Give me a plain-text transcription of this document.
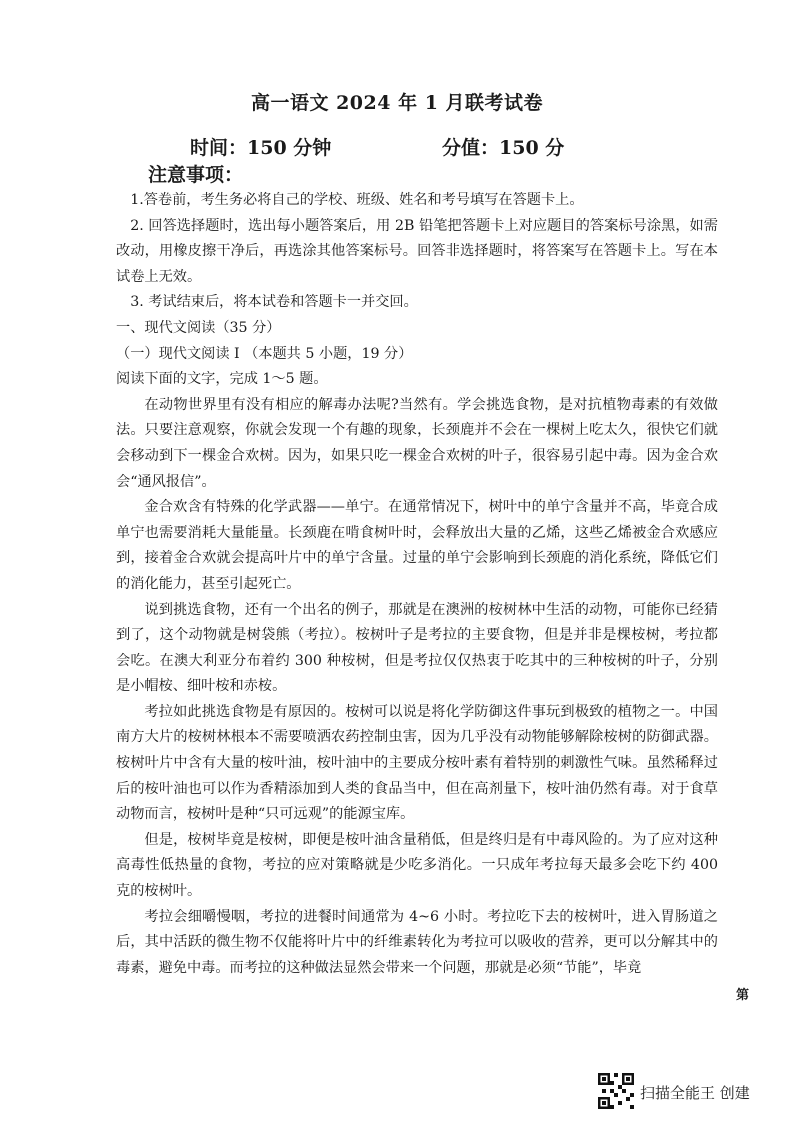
高一语文 2024 年 1 月联考试卷
时间：150 分钟	分值：150 分
注意事项：

1.答卷前，考生务必将自己的学校、班级、姓名和考号填写在答题卡上。

2. 回答选择题时，选出每小题答案后，用 2B 铅笔把答题卡上对应题目的答案标号涂黑，如需改动，用橡皮擦干净后，再选涂其他答案标号。回答非选择题时，将答案写在答题卡上。写在本试卷上无效。

3. 考试结束后，将本试卷和答题卡一并交回。

一、现代文阅读（35 分）

（一）现代文阅读 I （本题共 5 小题，19 分）

阅读下面的文字，完成 1～5 题。

在动物世界里有没有相应的解毒办法呢?当然有。学会挑选食物，是对抗植物毒素的有效做法。只要注意观察，你就会发现一个有趣的现象，长颈鹿并不会在一棵树上吃太久，很快它们就会移动到下一棵金合欢树。因为，如果只吃一棵金合欢树的叶子，很容易引起中毒。因为金合欢会“通风报信”。

金合欢含有特殊的化学武器——单宁。在通常情况下，树叶中的单宁含量并不高，毕竟合成单宁也需要消耗大量能量。长颈鹿在啃食树叶时，会释放出大量的乙烯，这些乙烯被金合欢感应到，接着金合欢就会提高叶片中的单宁含量。过量的单宁会影响到长颈鹿的消化系统，降低它们的消化能力，甚至引起死亡。

说到挑选食物，还有一个出名的例子，那就是在澳洲的桉树林中生活的动物，可能你已经猜到了，这个动物就是树袋熊（考拉）。桉树叶子是考拉的主要食物，但是并非是棵桉树，考拉都会吃。在澳大利亚分布着约 300 种桉树，但是考拉仅仅热衷于吃其中的三种桉树的叶子，分别是小帽桉、细叶桉和赤桉。

考拉如此挑选食物是有原因的。桉树可以说是将化学防御这件事玩到极致的植物之一。中国南方大片的桉树林根本不需要喷洒农药控制虫害，因为几乎没有动物能够解除桉树的防御武器。桉树叶片中含有大量的桉叶油，桉叶油中的主要成分桉叶素有着特别的刺激性气味。虽然稀释过后的桉叶油也可以作为香精添加到人类的食品当中，但在高剂量下，桉叶油仍然有毒。对于食草动物而言，桉树叶是种“只可远观”的能源宝库。

但是，桉树毕竟是桉树，即便是桉叶油含量稍低，但是终归是有中毒风险的。为了应对这种高毒性低热量的食物，考拉的应对策略就是少吃多消化。一只成年考拉每天最多会吃下约 400 克的桉树叶。

考拉会细嚼慢咽，考拉的进餐时间通常为 4~6 小时。考拉吃下去的桉树叶，进入胃肠道之后，其中活跃的微生物不仅能将叶片中的纤维素转化为考拉可以吸收的营养，更可以分解其中的毒素，避免中毒。而考拉的这种做法显然会带来一个问题，那就是必须“节能”，毕竟

第
扫描全能王 创建
